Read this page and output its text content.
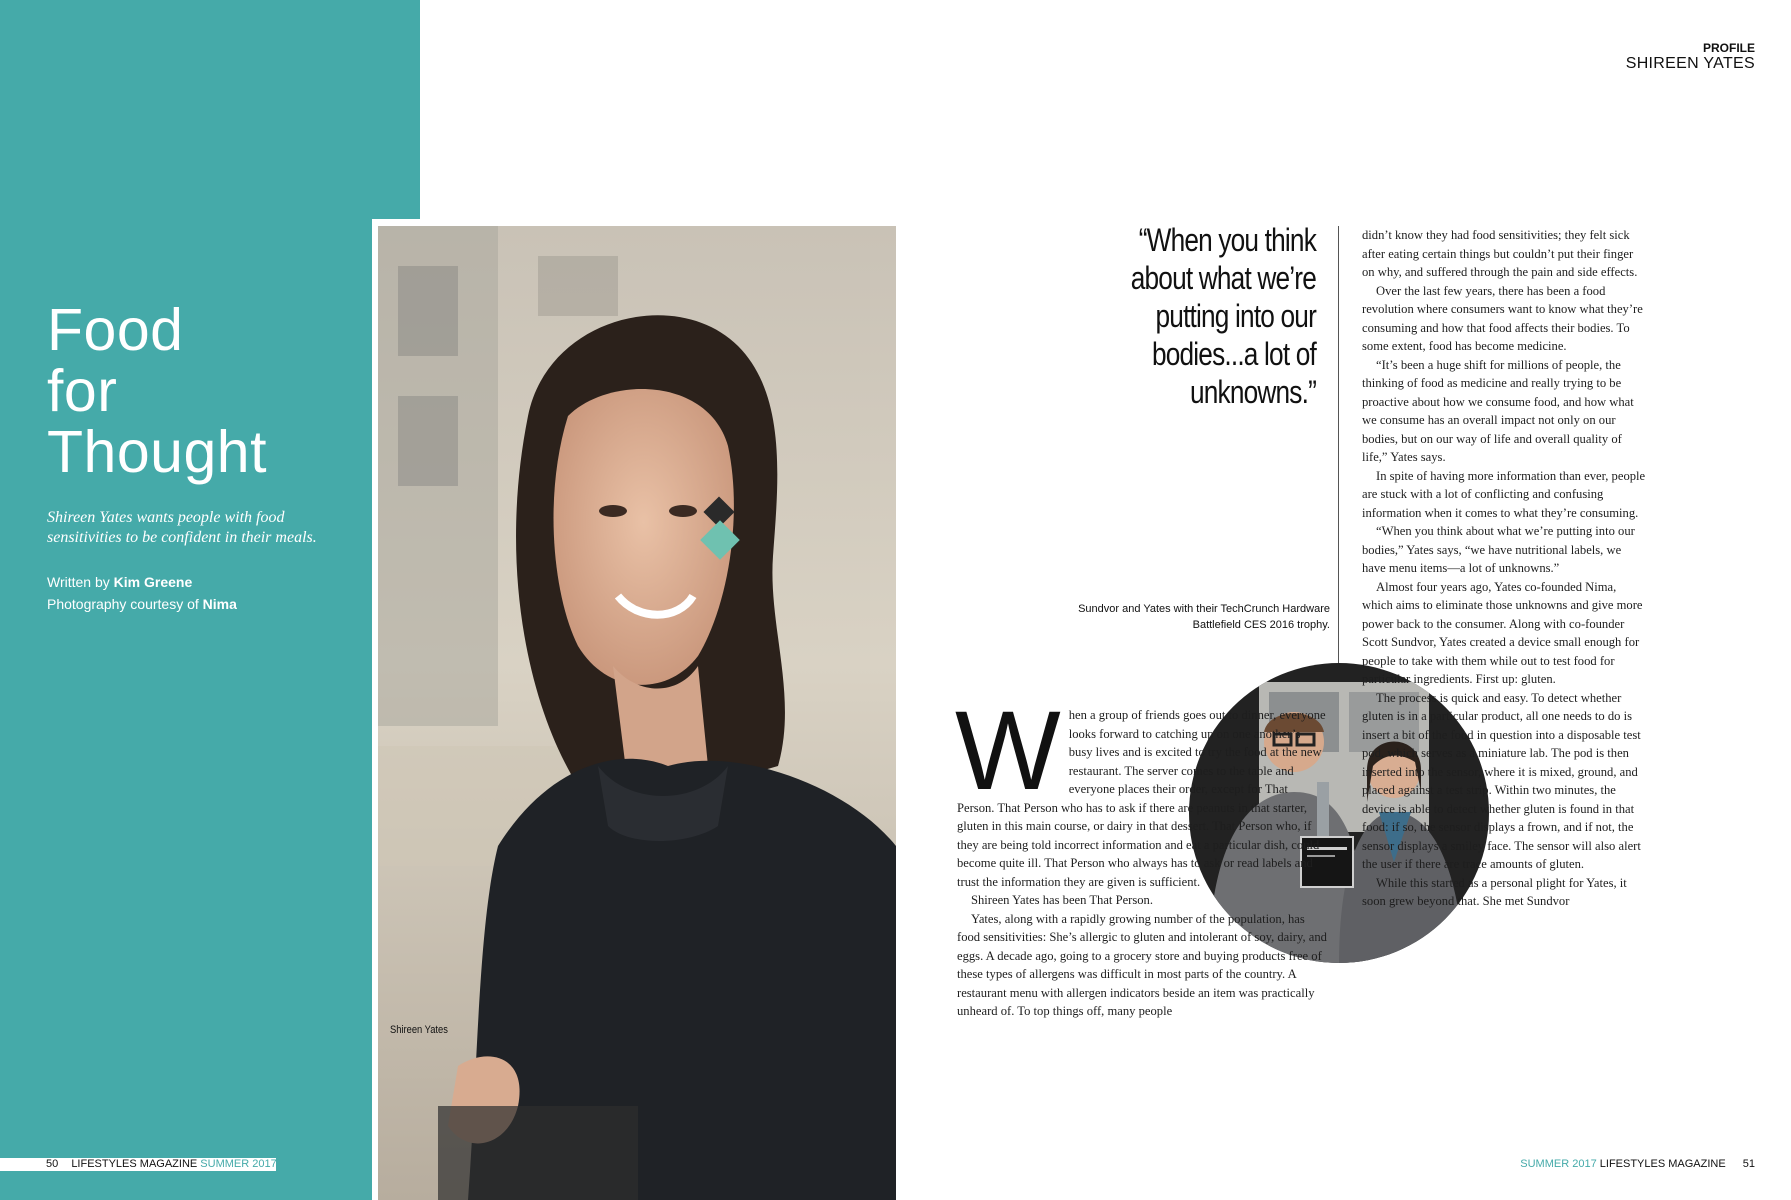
Food
for
Thought
Shireen Yates wants people with food sensitivities to be confident in their meals.
Written by Kim Greene
Photography courtesy of Nima
Shireen Yates
50 LIFESTYLES MAGAZINE SUMMER 2017
PROFILE
SHIREEN YATES
“When you think about what we’re putting into our bodies...a lot of unknowns.”
Sundvor and Yates with their TechCrunch Hardware Battlefield CES 2016 trophy.
W hen a group of friends goes out to dinner, everyone looks forward to catching up on one another’s busy lives and is excited to try the food at the new restaurant. The server comes to the table and everyone places their order, except for That Person. That Person who has to ask if there are peanuts in that starter, gluten in this main course, or dairy in that dessert. That Person who, if they are being told incorrect information and eat a particular dish, could become quite ill. That Person who always has to ask or read labels and trust the information they are given is sufficient.

Shireen Yates has been That Person.

Yates, along with a rapidly growing number of the population, has food sensitivities: She’s allergic to gluten and intolerant of soy, dairy, and eggs. A decade ago, going to a grocery store and buying products free of these types of allergens was difficult in most parts of the country. A restaurant menu with allergen indicators beside an item was practically unheard of. To top things off, many people

didn’t know they had food sensitivities; they felt sick after eating certain things but couldn’t put their finger on why, and suffered through the pain and side effects.

Over the last few years, there has been a food revolution where consumers want to know what they’re consuming and how that food affects their bodies. To some extent, food has become medicine.

“It’s been a huge shift for millions of people, the thinking of food as medicine and really trying to be proactive about how we consume food, and how what we consume has an overall impact not only on our bodies, but on our way of life and overall quality of life,” Yates says.

In spite of having more information than ever, people are stuck with a lot of conflicting and confusing information when it comes to what they’re consuming.

“When you think about what we’re putting into our bodies,” Yates says, “we have nutritional labels, we have menu items—a lot of unknowns.”

Almost four years ago, Yates co-founded Nima, which aims to eliminate those unknowns and give more power back to the consumer. Along with co-founder Scott Sundvor, Yates created a device small enough for people to take with them while out to test food for particular ingredients. First up: gluten.

The process is quick and easy. To detect whether gluten is in a particular product, all one needs to do is insert a bit of the food in question into a disposable test pod, which serves as a miniature lab. The pod is then inserted into the sensor, where it is mixed, ground, and placed against a test strip. Within two minutes, the device is able to detect whether gluten is found in that food: if so, the sensor displays a frown, and if not, the sensor displays a smiley face. The sensor will also alert the user if there are trace amounts of gluten.

While this started as a personal plight for Yates, it soon grew beyond that. She met Sundvor

SUMMER 2017 LIFESTYLES MAGAZINE 51
